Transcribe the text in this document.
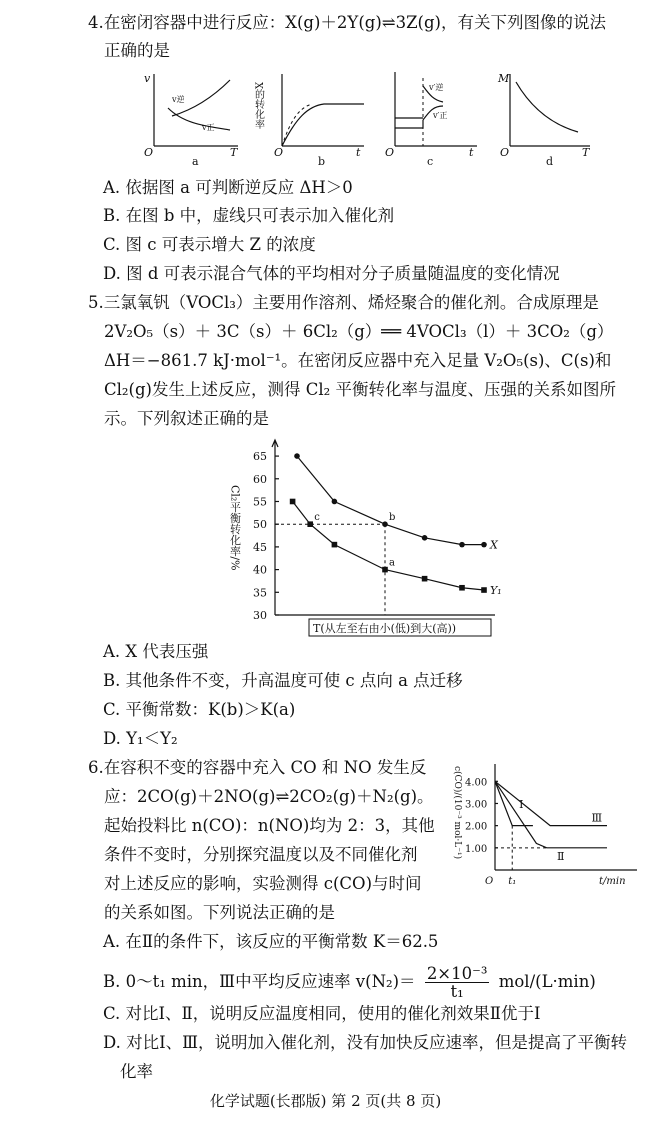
4.在密闭容器中进行反应：X(g)＋2Y(g)⇌3Z(g)，有关下列图像的说法
正确的是
v
v逆
v正
O	T
a
X的转化率
O	t
b
v′逆
v′正
O	t
c
M
O	T
d
A. 依据图 a 可判断逆反应 ΔH＞0
B. 在图 b 中，虚线只可表示加入催化剂
C. 图 c 可表示增大 Z 的浓度
D. 图 d 可表示混合气体的平均相对分子质量随温度的变化情况
5.三氯氧钒（VOCl₃）主要用作溶剂、烯烃聚合的催化剂。合成原理是
2V₂O₅（s）＋ 3C（s）＋ 6Cl₂（g）══ 4VOCl₃（l）＋ 3CO₂（g）
ΔH＝−861.7 kJ·mol⁻¹。在密闭反应器中充入足量 V₂O₅(s)、C(s)和
Cl₂(g)发生上述反应，测得 Cl₂ 平衡转化率与温度、压强的关系如图所
示。下列叙述正确的是
30
35
40
45
50
55
60
65
Cl₂平衡转化率/%
T(从左至右由小(低)到大(高))
X
Y₁
c	b
a
A. X 代表压强
B. 其他条件不变，升高温度可使 c 点向 a 点迁移
C. 平衡常数：K(b)＞K(a)
D. Y₁＜Y₂
6.在容积不变的容器中充入 CO 和 NO 发生反
应：2CO(g)＋2NO(g)⇌2CO₂(g)＋N₂(g)。
起始投料比 n(CO)：n(NO)均为 2：3，其他
条件不变时，分别探究温度以及不同催化剂
对上述反应的影响，实验测得 c(CO)与时间
的关系如图。下列说法正确的是
1.00
2.00
3.00
4.00
c(CO)/(10⁻³ mol·L⁻¹)
O t₁	t/min
Ⅰ
Ⅱ
Ⅲ
A. 在Ⅱ的条件下，该反应的平衡常数 K＝62.5
B. 0～t₁ min，Ⅲ中平均反应速率 $v(N_2)= \frac{\text{2×10⁻³}}{\text{t₁}} mol/(L\cdot\min)$
C. 对比Ⅰ、Ⅱ，说明反应温度相同，使用的催化剂效果Ⅱ优于Ⅰ
D. 对比Ⅰ、Ⅲ，说明加入催化剂，没有加快反应速率，但是提高了平衡转
化率
化学试题(长郡版) 第 2 页(共 8 页)
